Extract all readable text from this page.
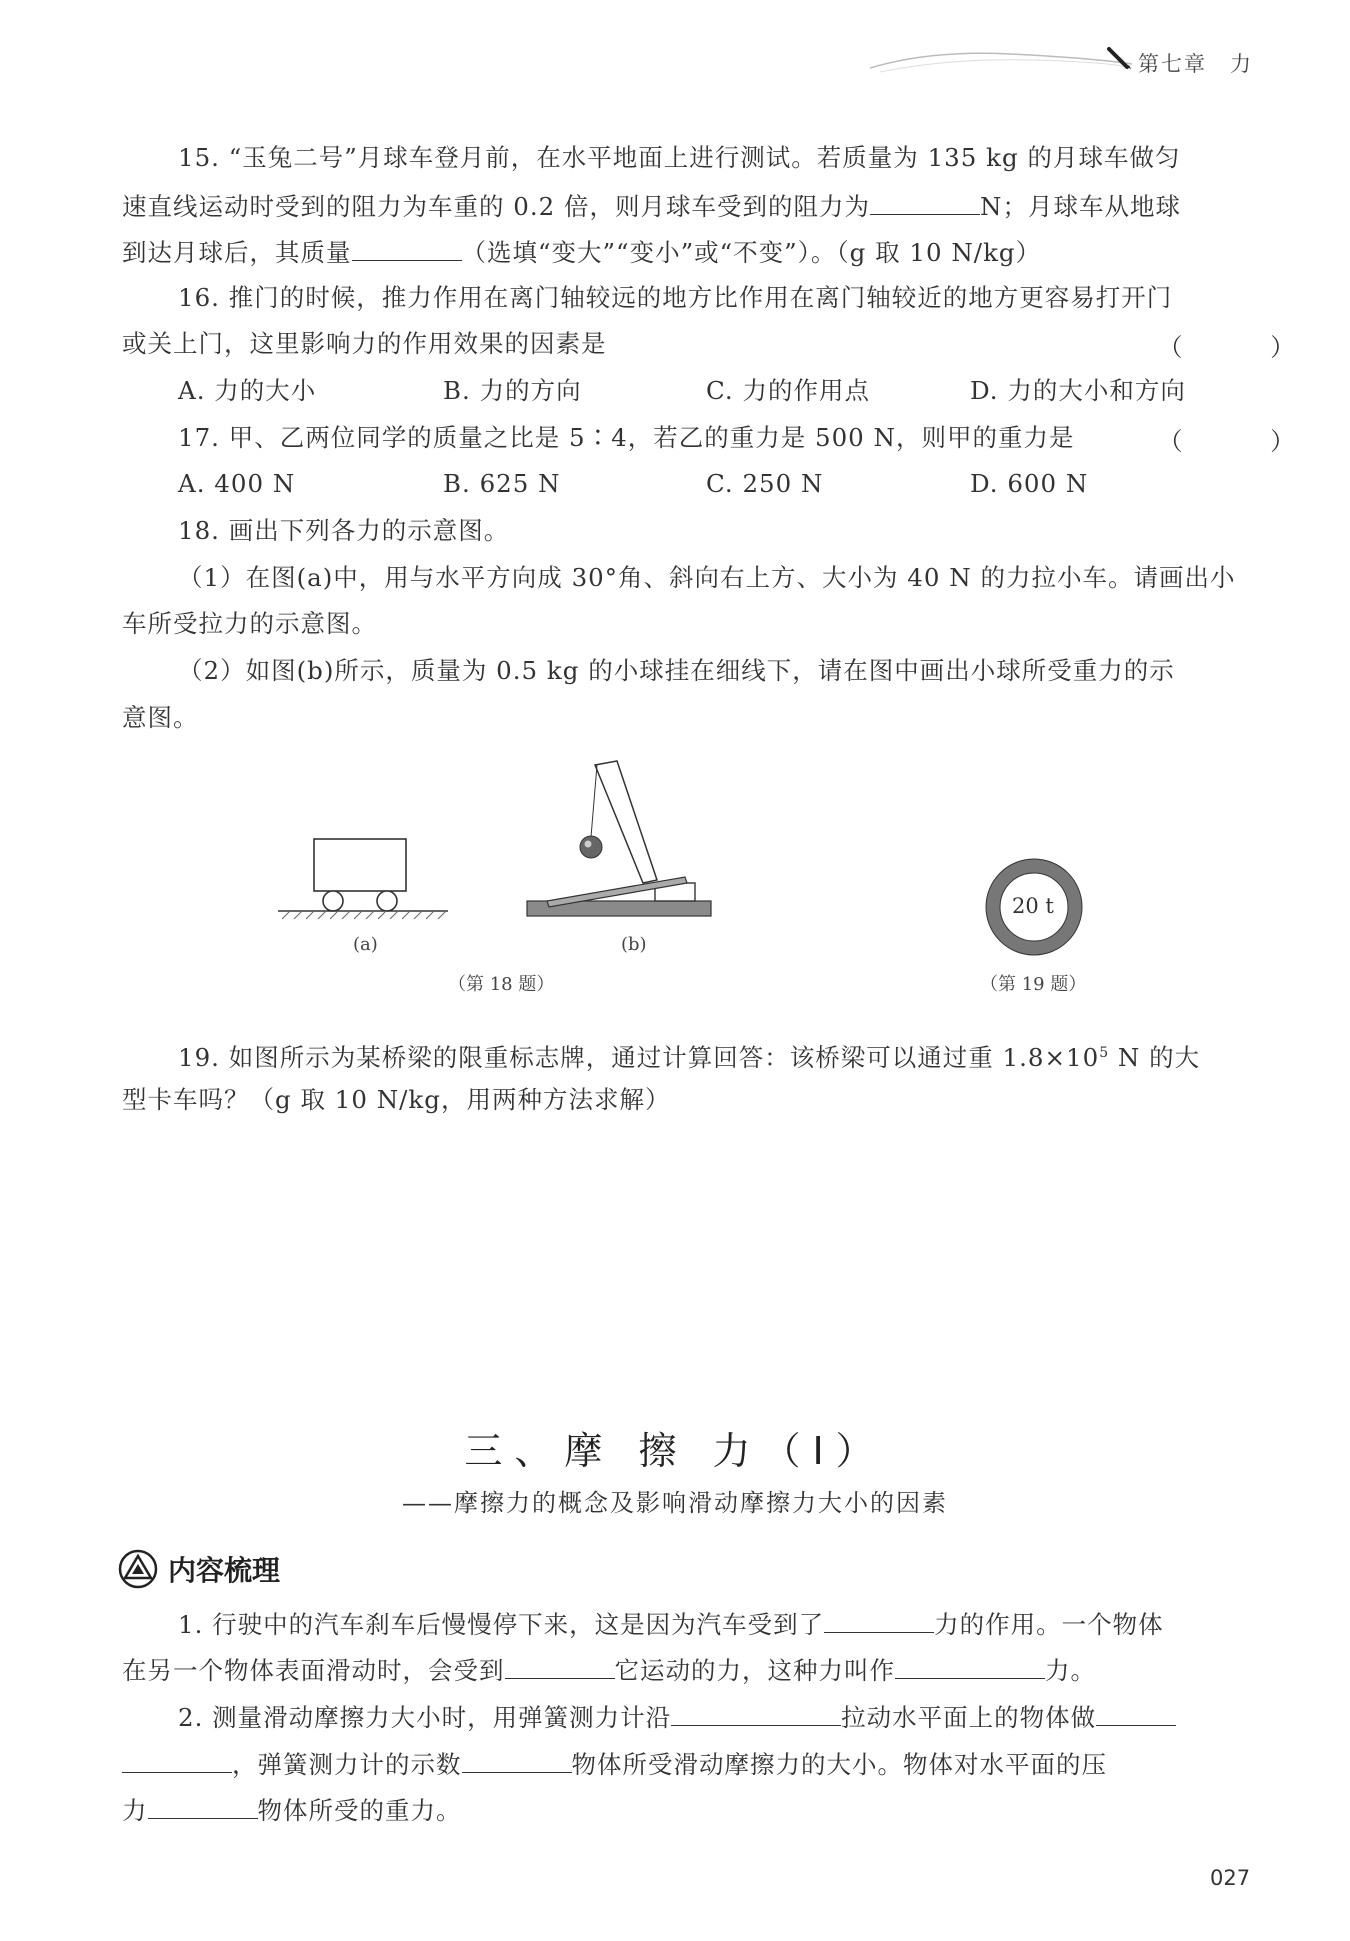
第七章　力
15. “玉兔二号”月球车登月前，在水平地面上进行测试。若质量为 135 kg 的月球车做匀
速直线运动时受到的阻力为车重的 0.2 倍，则月球车受到的阻力为	N；月球车从地球
到达月球后，其质量	（选填“变大”“变小”或“不变”）。（g 取 10 N/kg）
16. 推门的时候，推力作用在离门轴较远的地方比作用在离门轴较近的地方更容易打开门
或关上门，这里影响力的作用效果的因素是	（ ）
A. 力的大小	B. 力的方向	C. 力的作用点	D. 力的大小和方向
17. 甲、乙两位同学的质量之比是 5∶4，若乙的重力是 500 N，则甲的重力是	（ ）
A. 400 N	B. 625 N	C. 250 N	D. 600 N
18. 画出下列各力的示意图。
（1）在图(a)中，用与水平方向成 30°角、斜向右上方、大小为 40 N 的力拉小车。请画出小
车所受拉力的示意图。
（2）如图(b)所示，质量为 0.5 kg 的小球挂在细线下，请在图中画出小球所受重力的示
意图。
(a)	(b)
（第 18 题）
20 t
（第 19 题）
19. 如图所示为某桥梁的限重标志牌，通过计算回答：该桥梁可以通过重 $1.8\times 10^5$ N 的大
型卡车吗？（g 取 10 N/kg，用两种方法求解）
三、摩 擦 力（Ⅰ）
——摩擦力的概念及影响滑动摩擦力大小的因素
内容梳理
1. 行驶中的汽车刹车后慢慢停下来，这是因为汽车受到了	力的作用。一个物体
在另一个物体表面滑动时，会受到	它运动的力，这种力叫作	力。
2. 测量滑动摩擦力大小时，用弹簧测力计沿	拉动水平面上的物体做
，弹簧测力计的示数	物体所受滑动摩擦力的大小。物体对水平面的压
力	物体所受的重力。
027
